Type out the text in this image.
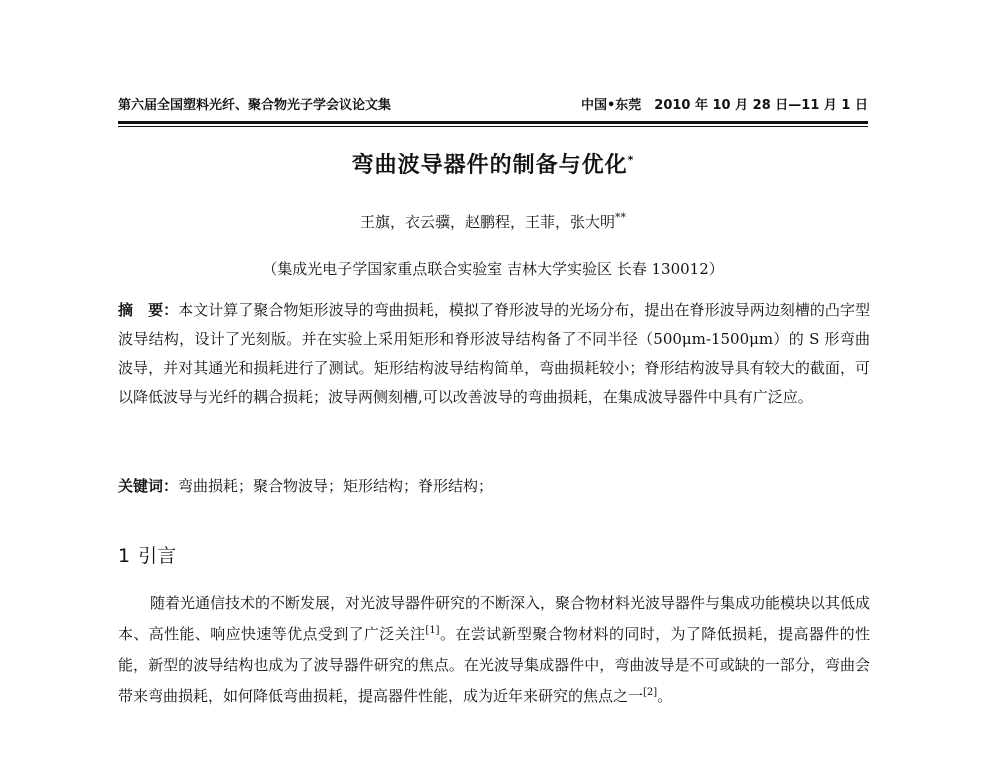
第六届全国塑料光纤、聚合物光子学会议论文集	中国•东莞　2010 年 10 月 28 日—11 月 1 日
弯曲波导器件的制备与优化*
王旗，衣云骥，赵鹏程，王菲，张大明**
（集成光电子学国家重点联合实验室 吉林大学实验区 长春 130012）
摘　要：本文计算了聚合物矩形波导的弯曲损耗，模拟了脊形波导的光场分布，提出在脊形波导两边刻槽的凸字型波导结构，设计了光刻版。并在实验上采用矩形和脊形波导结构备了不同半径（500μm-1500μm）的 S 形弯曲波导，并对其通光和损耗进行了测试。矩形结构波导结构简单，弯曲损耗较小；脊形结构波导具有较大的截面，可以降低波导与光纤的耦合损耗；波导两侧刻槽,可以改善波导的弯曲损耗，在集成波导器件中具有广泛应。
关键词：弯曲损耗；聚合物波导；矩形结构；脊形结构；
1 引言
随着光通信技术的不断发展，对光波导器件研究的不断深入，聚合物材料光波导器件与集成功能模块以其低成本、高性能、响应快速等优点受到了广泛关注[1]。在尝试新型聚合物材料的同时，为了降低损耗，提高器件的性能，新型的波导结构也成为了波导器件研究的焦点。在光波导集成器件中，弯曲波导是不可或缺的一部分，弯曲会带来弯曲损耗，如何降低弯曲损耗，提高器件性能，成为近年来研究的焦点之一[2]。
